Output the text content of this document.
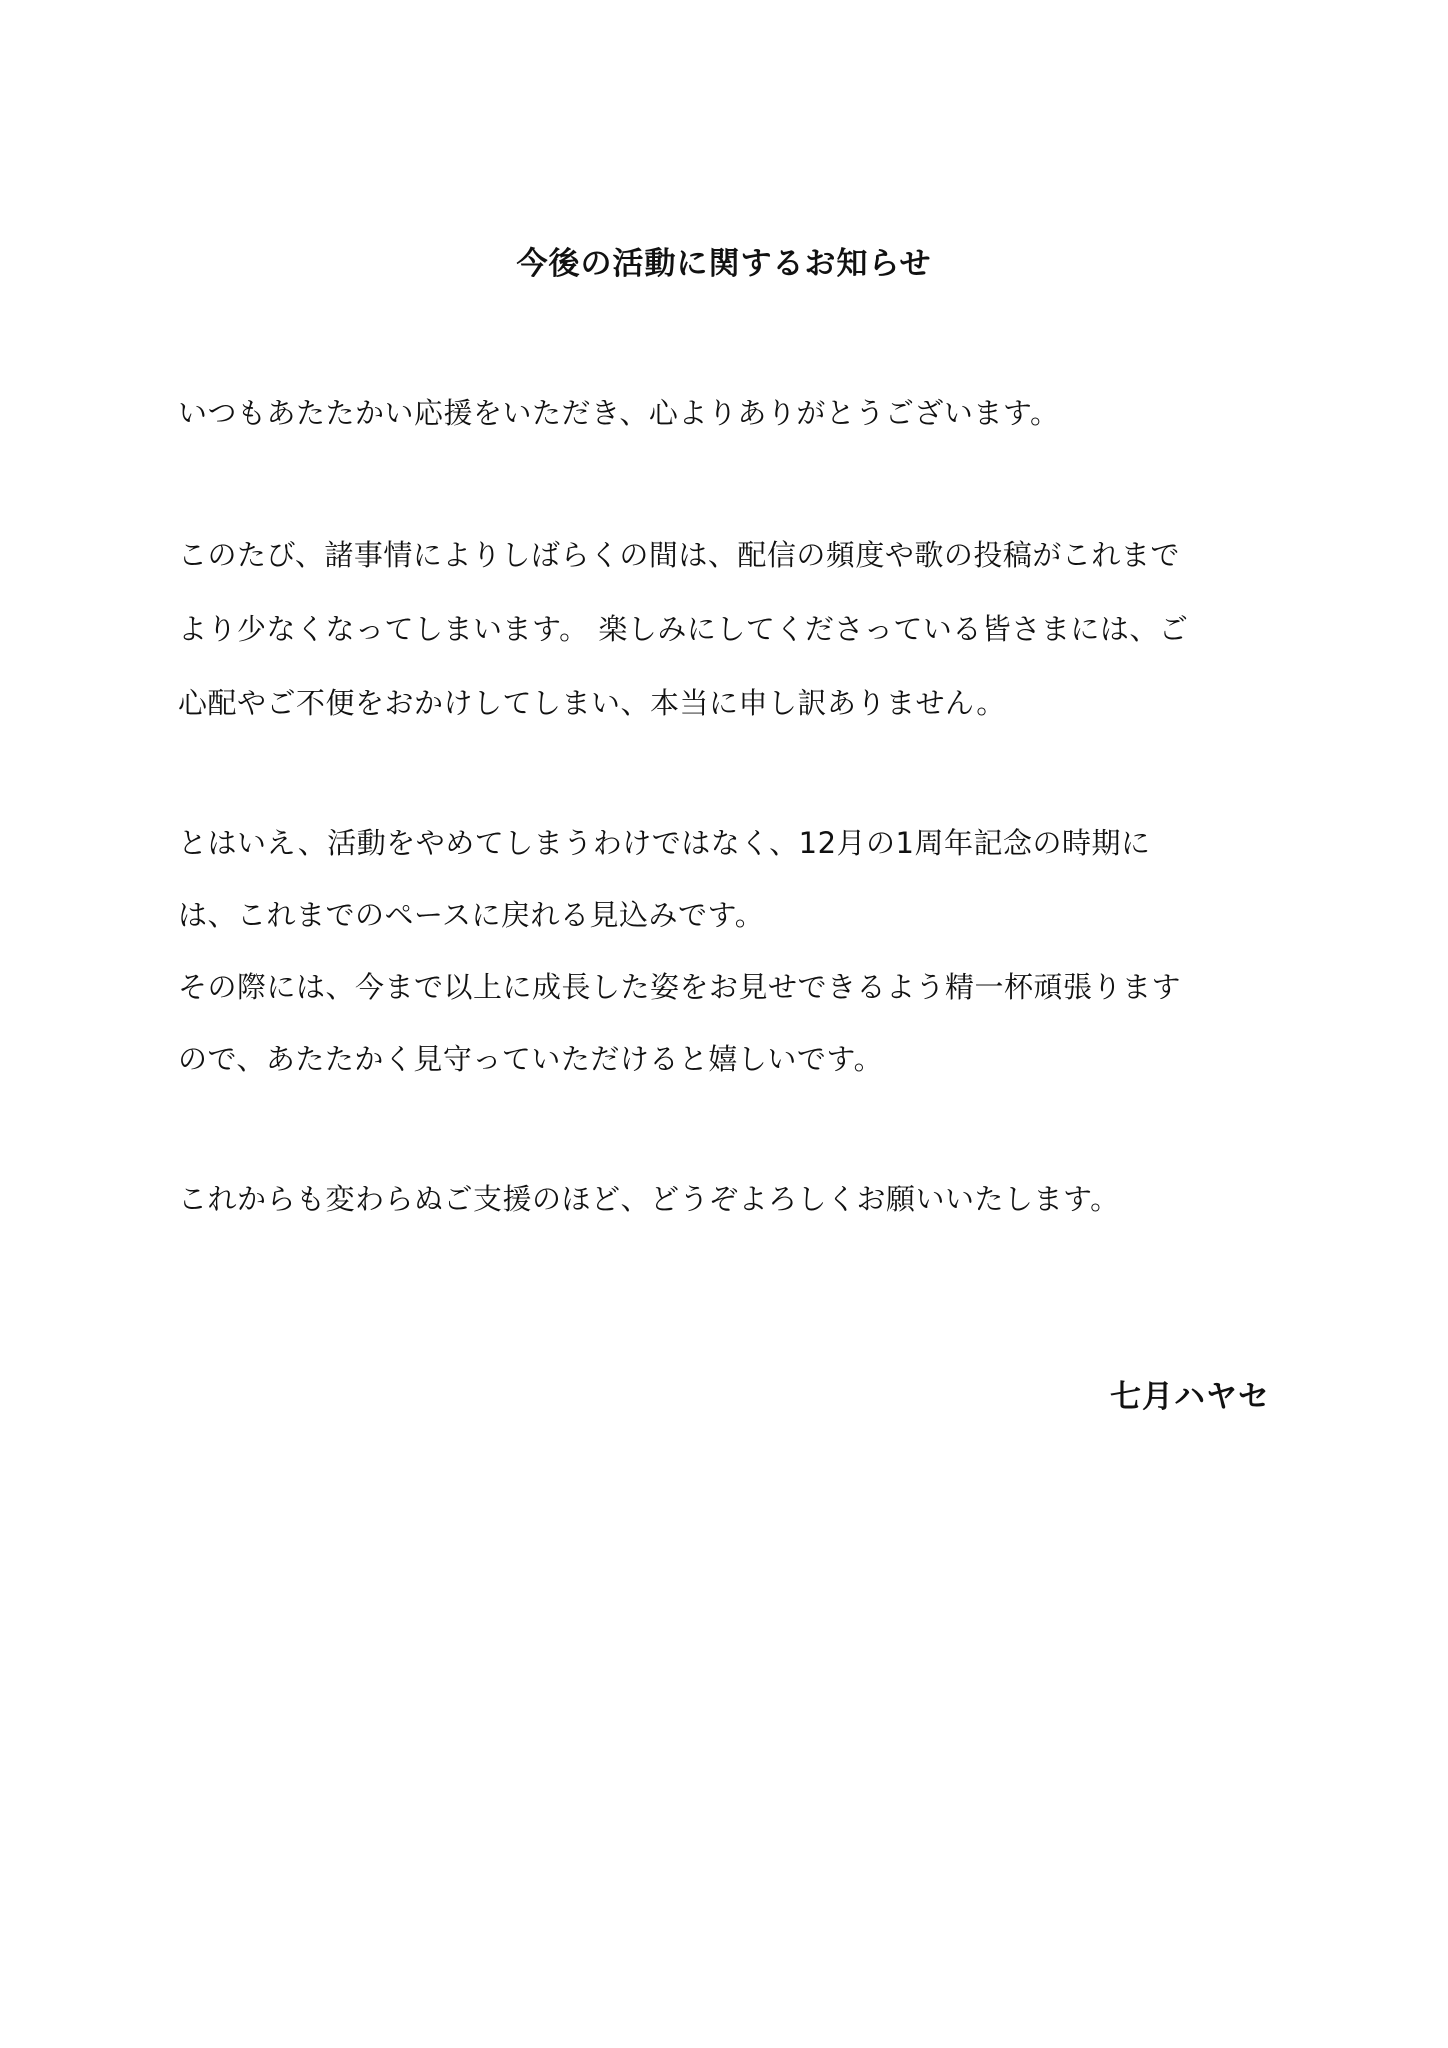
今後の活動に関するお知らせ
いつもあたたかい応援をいただき、心よりありがとうございます。
このたび、諸事情によりしばらくの間は、配信の頻度や歌の投稿がこれまで
より少なくなってしまいます。 楽しみにしてくださっている皆さまには、ご
心配やご不便をおかけしてしまい、本当に申し訳ありません。
とはいえ、活動をやめてしまうわけではなく、12月の1周年記念の時期に
は、これまでのペースに戻れる見込みです。
その際には、今まで以上に成長した姿をお見せできるよう精一杯頑張ります
ので、あたたかく見守っていただけると嬉しいです。
これからも変わらぬご支援のほど、どうぞよろしくお願いいたします。
七月ハヤセ
